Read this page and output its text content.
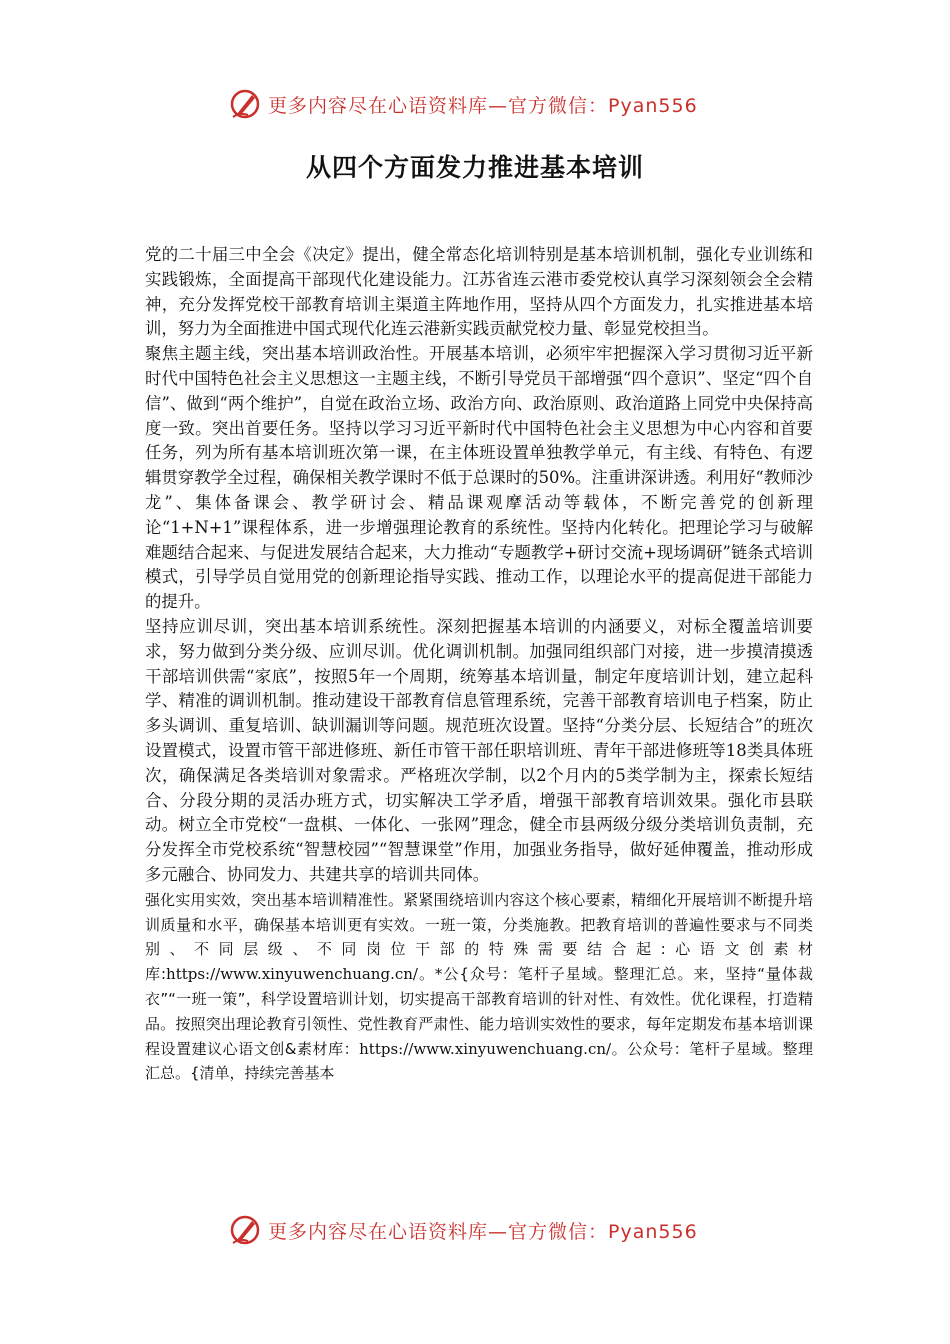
更多内容尽在心语资料库—官方微信：Pyan556
从四个方面发力推进基本培训

党的二十届三中全会《决定》提出，健全常态化培训特别是基本培训机制，强化专业训练和实践锻炼，全面提高干部现代化建设能力。江苏省连云港市委党校认真学习深刻领会全会精神，充分发挥党校干部教育培训主渠道主阵地作用，坚持从四个方面发力，扎实推进基本培训，努力为全面推进中国式现代化连云港新实践贡献党校力量、彰显党校担当。

聚焦主题主线，突出基本培训政治性。开展基本培训，必须牢牢把握深入学习贯彻习近平新时代中国特色社会主义思想这一主题主线，不断引导党员干部增强“四个意识”、坚定“四个自信”、做到“两个维护”，自觉在政治立场、政治方向、政治原则、政治道路上同党中央保持高度一致。突出首要任务。坚持以学习习近平新时代中国特色社会主义思想为中心内容和首要任务，列为所有基本培训班次第一课，在主体班设置单独教学单元，有主线、有特色、有逻辑贯穿教学全过程，确保相关教学课时不低于总课时的50%。注重讲深讲透。利用好“教师沙龙”、集体备课会、教学研讨会、精品课观摩活动等载体，不断完善党的创新理论“1+N+1”课程体系，进一步增强理论教育的系统性。坚持内化转化。把理论学习与破解难题结合起来、与促进发展结合起来，大力推动“专题教学+研讨交流+现场调研”链条式培训模式，引导学员自觉用党的创新理论指导实践、推动工作，以理论水平的提高促进干部能力的提升。

坚持应训尽训，突出基本培训系统性。深刻把握基本培训的内涵要义，对标全覆盖培训要求，努力做到分类分级、应训尽训。优化调训机制。加强同组织部门对接，进一步摸清摸透干部培训供需“家底”，按照5年一个周期，统筹基本培训量，制定年度培训计划，建立起科学、精准的调训机制。推动建设干部教育信息管理系统，完善干部教育培训电子档案，防止多头调训、重复培训、缺训漏训等问题。规范班次设置。坚持“分类分层、长短结合”的班次设置模式，设置市管干部进修班、新任市管干部任职培训班、青年干部进修班等18类具体班次，确保满足各类培训对象需求。严格班次学制，以2个月内的5类学制为主，探索长短结合、分段分期的灵活办班方式，切实解决工学矛盾，增强干部教育培训效果。强化市县联动。树立全市党校“一盘棋、一体化、一张网”理念，健全市县两级分级分类培训负责制，充分发挥全市党校系统“智慧校园”“智慧课堂”作用，加强业务指导，做好延伸覆盖，推动形成多元融合、协同发力、共建共享的培训共同体。

强化实用实效，突出基本培训精准性。紧紧围绕培训内容这个核心要素，精细化开展培训不断提升培训质量和水平，确保基本培训更有实效。一班一策，分类施教。把教育培训的普遍性要求与不同类别、不同层级、不同岗位干部的特殊需要结合起:心语文创素材库:https://www.xinyuwenchuang.cn/。*公{众号：笔杆子星域。整理汇总。来，坚持“量体裁衣”“一班一策”，科学设置培训计划，切实提高干部教育培训的针对性、有效性。优化课程，打造精品。按照突出理论教育引领性、党性教育严肃性、能力培训实效性的要求，每年定期发布基本培训课程设置建议心语文创&素材库：https://www.xinyuwenchuang.cn/。公众号：笔杆子星域。整理汇总。{清单，持续完善基本

更多内容尽在心语资料库—官方微信：Pyan556
